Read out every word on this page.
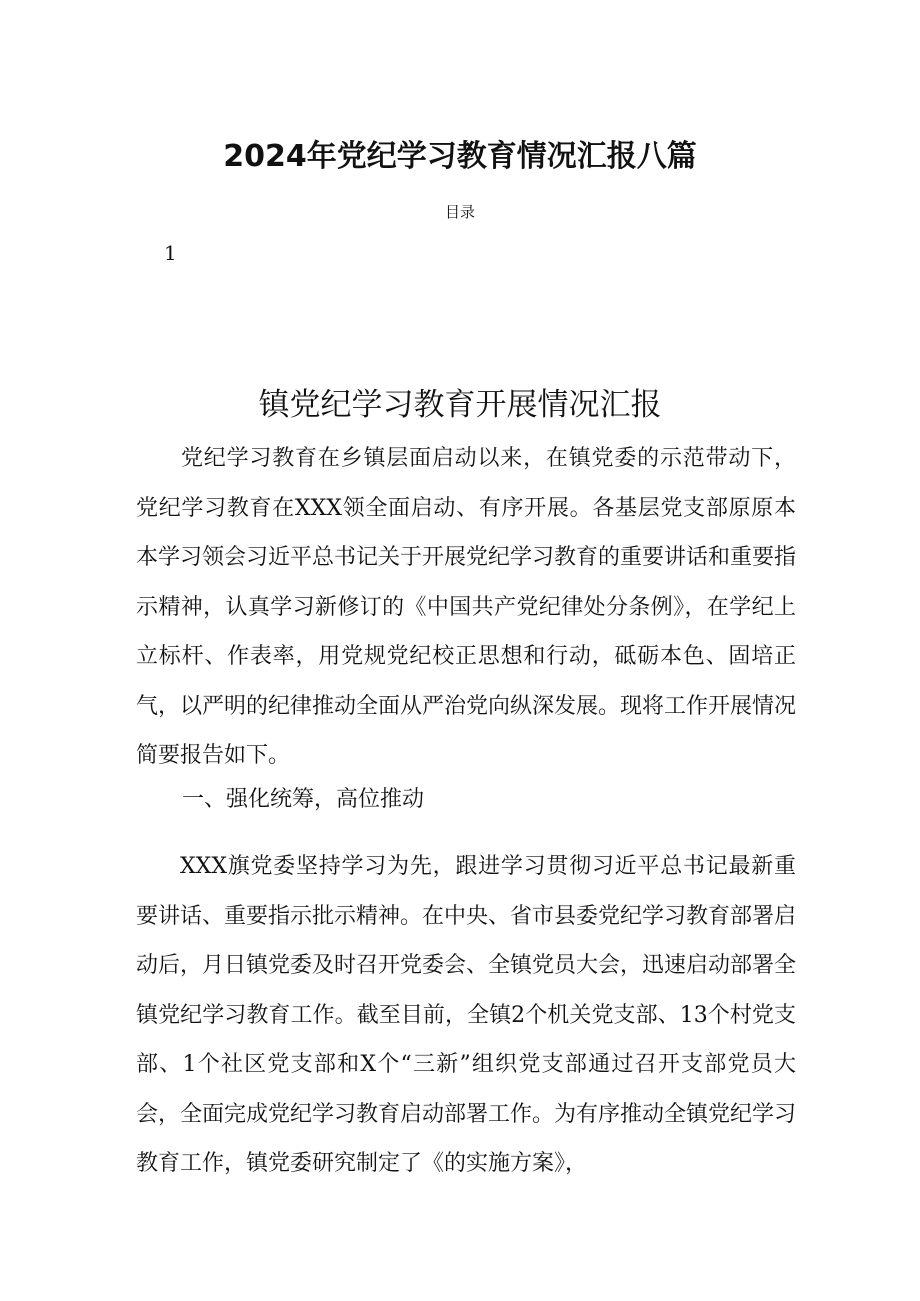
2024年党纪学习教育情况汇报八篇
目录
1
镇党纪学习教育开展情况汇报

党纪学习教育在乡镇层面启动以来，在镇党委的示范带动下，党纪学习教育在XXX领全面启动、有序开展。各基层党支部原原本本学习领会习近平总书记关于开展党纪学习教育的重要讲话和重要指示精神，认真学习新修订的《中国共产党纪律处分条例》，在学纪上立标杆、作表率，用党规党纪校正思想和行动，砥砺本色、固培正气，以严明的纪律推动全面从严治党向纵深发展。现将工作开展情况简要报告如下。

一、强化统筹，高位推动

XXX旗党委坚持学习为先，跟进学习贯彻习近平总书记最新重要讲话、重要指示批示精神。在中央、省市县委党纪学习教育部署启动后，月日镇党委及时召开党委会、全镇党员大会，迅速启动部署全镇党纪学习教育工作。截至目前，全镇2个机关党支部、13个村党支部、1个社区党支部和X个“三新”组织党支部通过召开支部党员大会，全面完成党纪学习教育启动部署工作。为有序推动全镇党纪学习教育工作，镇党委研究制定了《的实施方案》，
